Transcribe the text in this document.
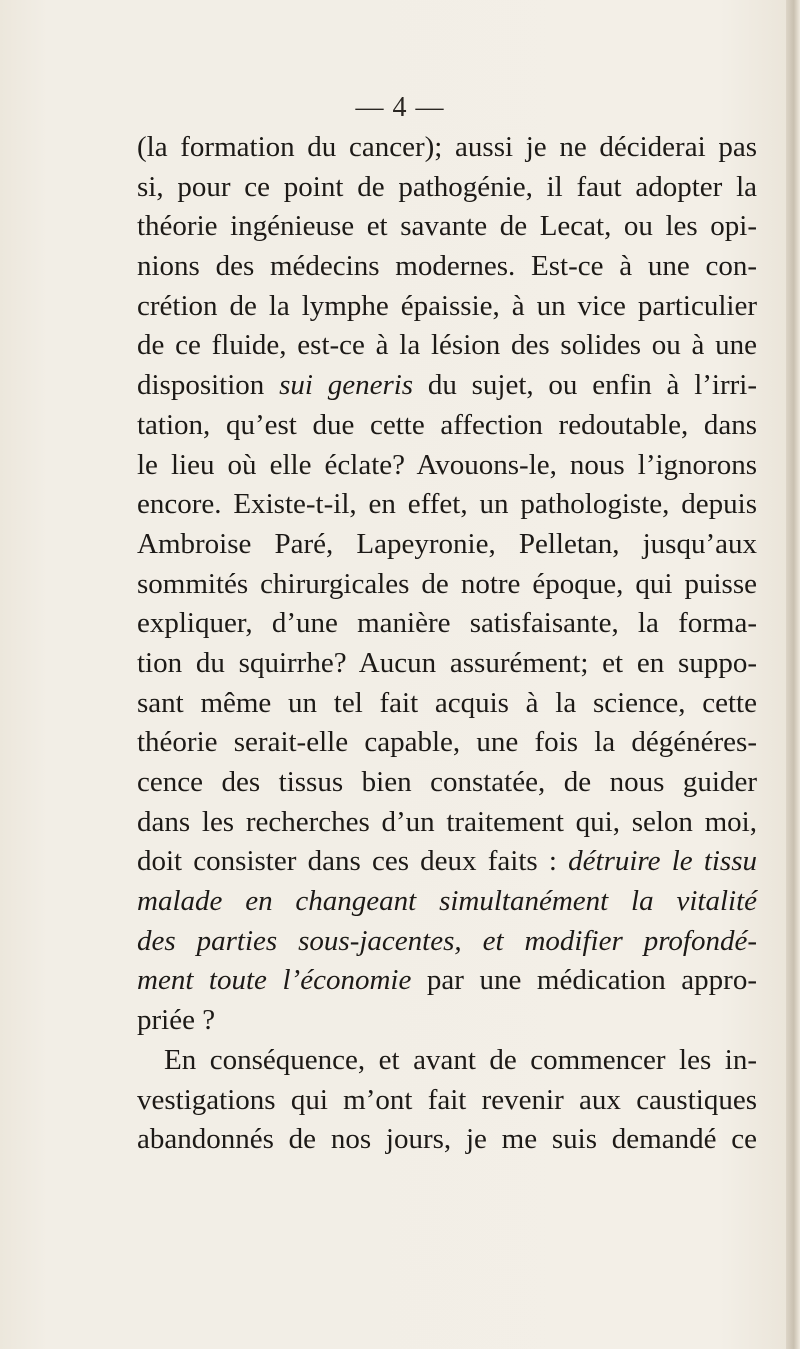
— 4 —
(la formation du cancer); aussi je ne déciderai pas
si, pour ce point de pathogénie, il faut adopter la
théorie ingénieuse et savante de Lecat, ou les opi-
nions des médecins modernes. Est-ce à une con-
crétion de la lymphe épaissie, à un vice particulier
de ce fluide, est-ce à la lésion des solides ou à une
disposition sui generis du sujet, ou enfin à l’irri-
tation, qu’est due cette affection redoutable, dans
le lieu où elle éclate? Avouons-le, nous l’ignorons
encore. Existe-t-il, en effet, un pathologiste, depuis
Ambroise Paré, Lapeyronie, Pelletan, jusqu’aux
sommités chirurgicales de notre époque, qui puisse
expliquer, d’une manière satisfaisante, la forma-
tion du squirrhe? Aucun assurément; et en suppo-
sant même un tel fait acquis à la science, cette
théorie serait-elle capable, une fois la dégénéres-
cence des tissus bien constatée, de nous guider
dans les recherches d’un traitement qui, selon moi,
doit consister dans ces deux faits : détruire le tissu
malade en changeant simultanément la vitalité
des parties sous-jacentes, et modifier profondé-
ment toute l’économie par une médication appro-
priée ?
En conséquence, et avant de commencer les in-
vestigations qui m’ont fait revenir aux caustiques
abandonnés de nos jours, je me suis demandé ce
